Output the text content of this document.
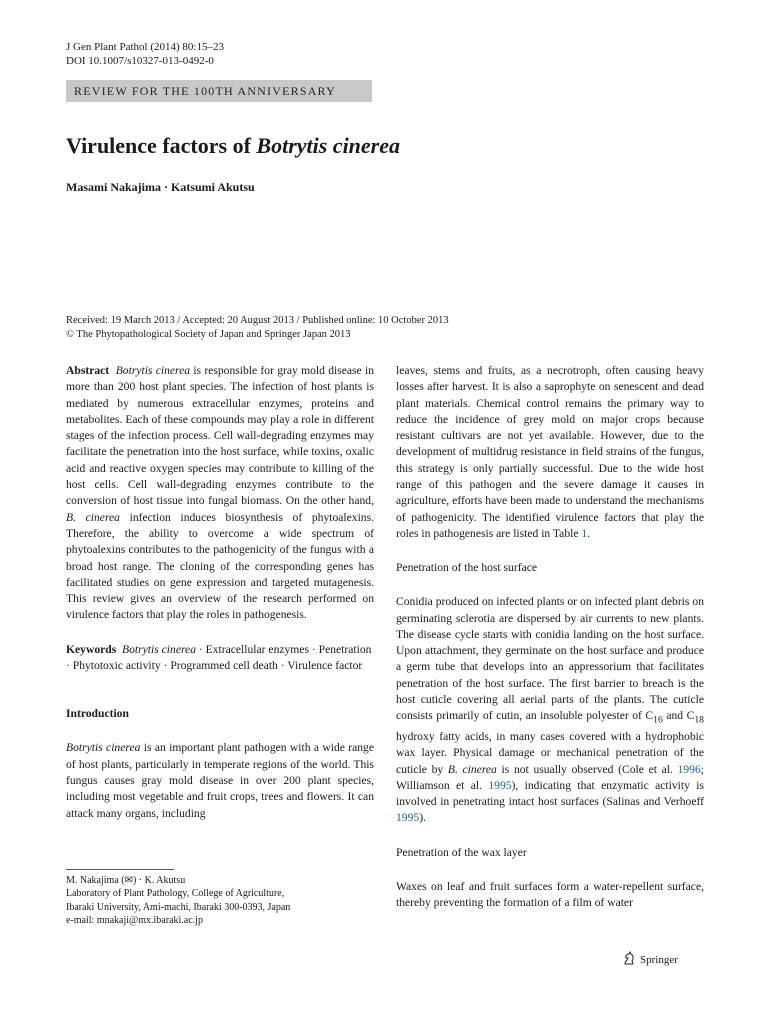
J Gen Plant Pathol (2014) 80:15–23
DOI 10.1007/s10327-013-0492-0
REVIEW FOR THE 100TH ANNIVERSARY
Virulence factors of Botrytis cinerea
Masami Nakajima · Katsumi Akutsu
Received: 19 March 2013 / Accepted: 20 August 2013 / Published online: 10 October 2013
© The Phytopathological Society of Japan and Springer Japan 2013

Abstract Botrytis cinerea is responsible for gray mold disease in more than 200 host plant species. The infection of host plants is mediated by numerous extracellular enzymes, proteins and metabolites. Each of these compounds may play a role in different stages of the infection process. Cell wall-degrading enzymes may facilitate the penetration into the host surface, while toxins, oxalic acid and reactive oxygen species may contribute to killing of the host cells. Cell wall-degrading enzymes contribute to the conversion of host tissue into fungal biomass. On the other hand, B. cinerea infection induces biosynthesis of phytoalexins. Therefore, the ability to overcome a wide spectrum of phytoalexins contributes to the pathogenicity of the fungus with a broad host range. The cloning of the corresponding genes has facilitated studies on gene expression and targeted mutagenesis. This review gives an overview of the research performed on virulence factors that play the roles in pathogenesis.

Keywords Botrytis cinerea · Extracellular enzymes · Penetration · Phytotoxic activity · Programmed cell death · Virulence factor

Introduction

Botrytis cinerea is an important plant pathogen with a wide range of host plants, particularly in temperate regions of the world. This fungus causes gray mold disease in over 200 plant species, including most vegetable and fruit crops, trees and flowers. It can attack many organs, including

M. Nakajima (✉) · K. Akutsu
Laboratory of Plant Pathology, College of Agriculture,
Ibaraki University, Ami-machi, Ibaraki 300-0393, Japan
e-mail: mnakaji@mx.ibaraki.ac.jp

leaves, stems and fruits, as a necrotroph, often causing heavy losses after harvest. It is also a saprophyte on senescent and dead plant materials. Chemical control remains the primary way to reduce the incidence of grey mold on major crops because resistant cultivars are not yet available. However, due to the development of multidrug resistance in field strains of the fungus, this strategy is only partially successful. Due to the wide host range of this pathogen and the severe damage it causes in agriculture, efforts have been made to understand the mechanisms of pathogenicity. The identified virulence factors that play the roles in pathogenesis are listed in Table 1.

Penetration of the host surface

Conidia produced on infected plants or on infected plant debris on germinating sclerotia are dispersed by air currents to new plants. The disease cycle starts with conidia landing on the host surface. Upon attachment, they germinate on the host surface and produce a germ tube that develops into an appressorium that facilitates penetration of the host surface. The first barrier to breach is the host cuticle covering all aerial parts of the plants. The cuticle consists primarily of cutin, an insoluble polyester of $C_{16}$ and $C_{18}$ hydroxy fatty acids, in many cases covered with a hydrophobic wax layer. Physical damage or mechanical penetration of the cuticle by B. cinerea is not usually observed (Cole et al. 1996; Williamson et al. 1995), indicating that enzymatic activity is involved in penetrating intact host surfaces (Salinas and Verhoeff 1995).

Penetration of the wax layer

Waxes on leaf and fruit surfaces form a water-repellent surface, thereby preventing the formation of a film of water

Springer
